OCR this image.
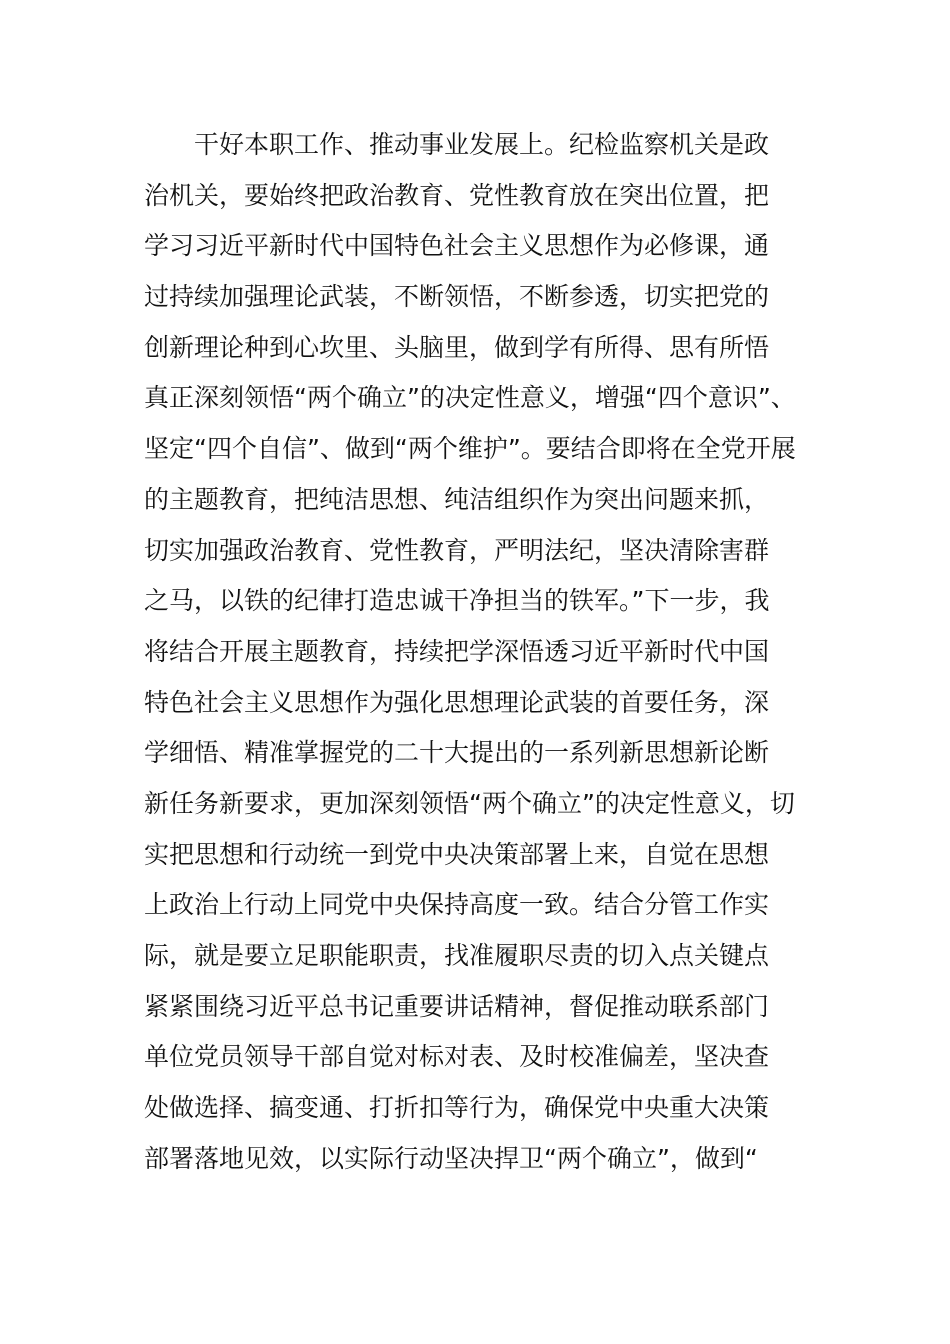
干好本职工作、推动事业发展上。纪检监察机关是政
治机关，要始终把政治教育、党性教育放在突出位置，把
学习习近平新时代中国特色社会主义思想作为必修课，通
过持续加强理论武装，不断领悟，不断参透，切实把党的
创新理论种到心坎里、头脑里，做到学有所得、思有所悟
真正深刻领悟“两个确立”的决定性意义，增强“四个意识”、
坚定“四个自信”、做到“两个维护”。要结合即将在全党开展
的主题教育，把纯洁思想、纯洁组织作为突出问题来抓，
切实加强政治教育、党性教育，严明法纪，坚决清除害群
之马，以铁的纪律打造忠诚干净担当的铁军。”下一步，我
将结合开展主题教育，持续把学深悟透习近平新时代中国
特色社会主义思想作为强化思想理论武装的首要任务，深
学细悟、精准掌握党的二十大提出的一系列新思想新论断
新任务新要求，更加深刻领悟“两个确立”的决定性意义，切
实把思想和行动统一到党中央决策部署上来，自觉在思想
上政治上行动上同党中央保持高度一致。结合分管工作实
际，就是要立足职能职责，找准履职尽责的切入点关键点
紧紧围绕习近平总书记重要讲话精神，督促推动联系部门
单位党员领导干部自觉对标对表、及时校准偏差，坚决查
处做选择、搞变通、打折扣等行为，确保党中央重大决策
部署落地见效，以实际行动坚决捍卫“两个确立”，做到“
